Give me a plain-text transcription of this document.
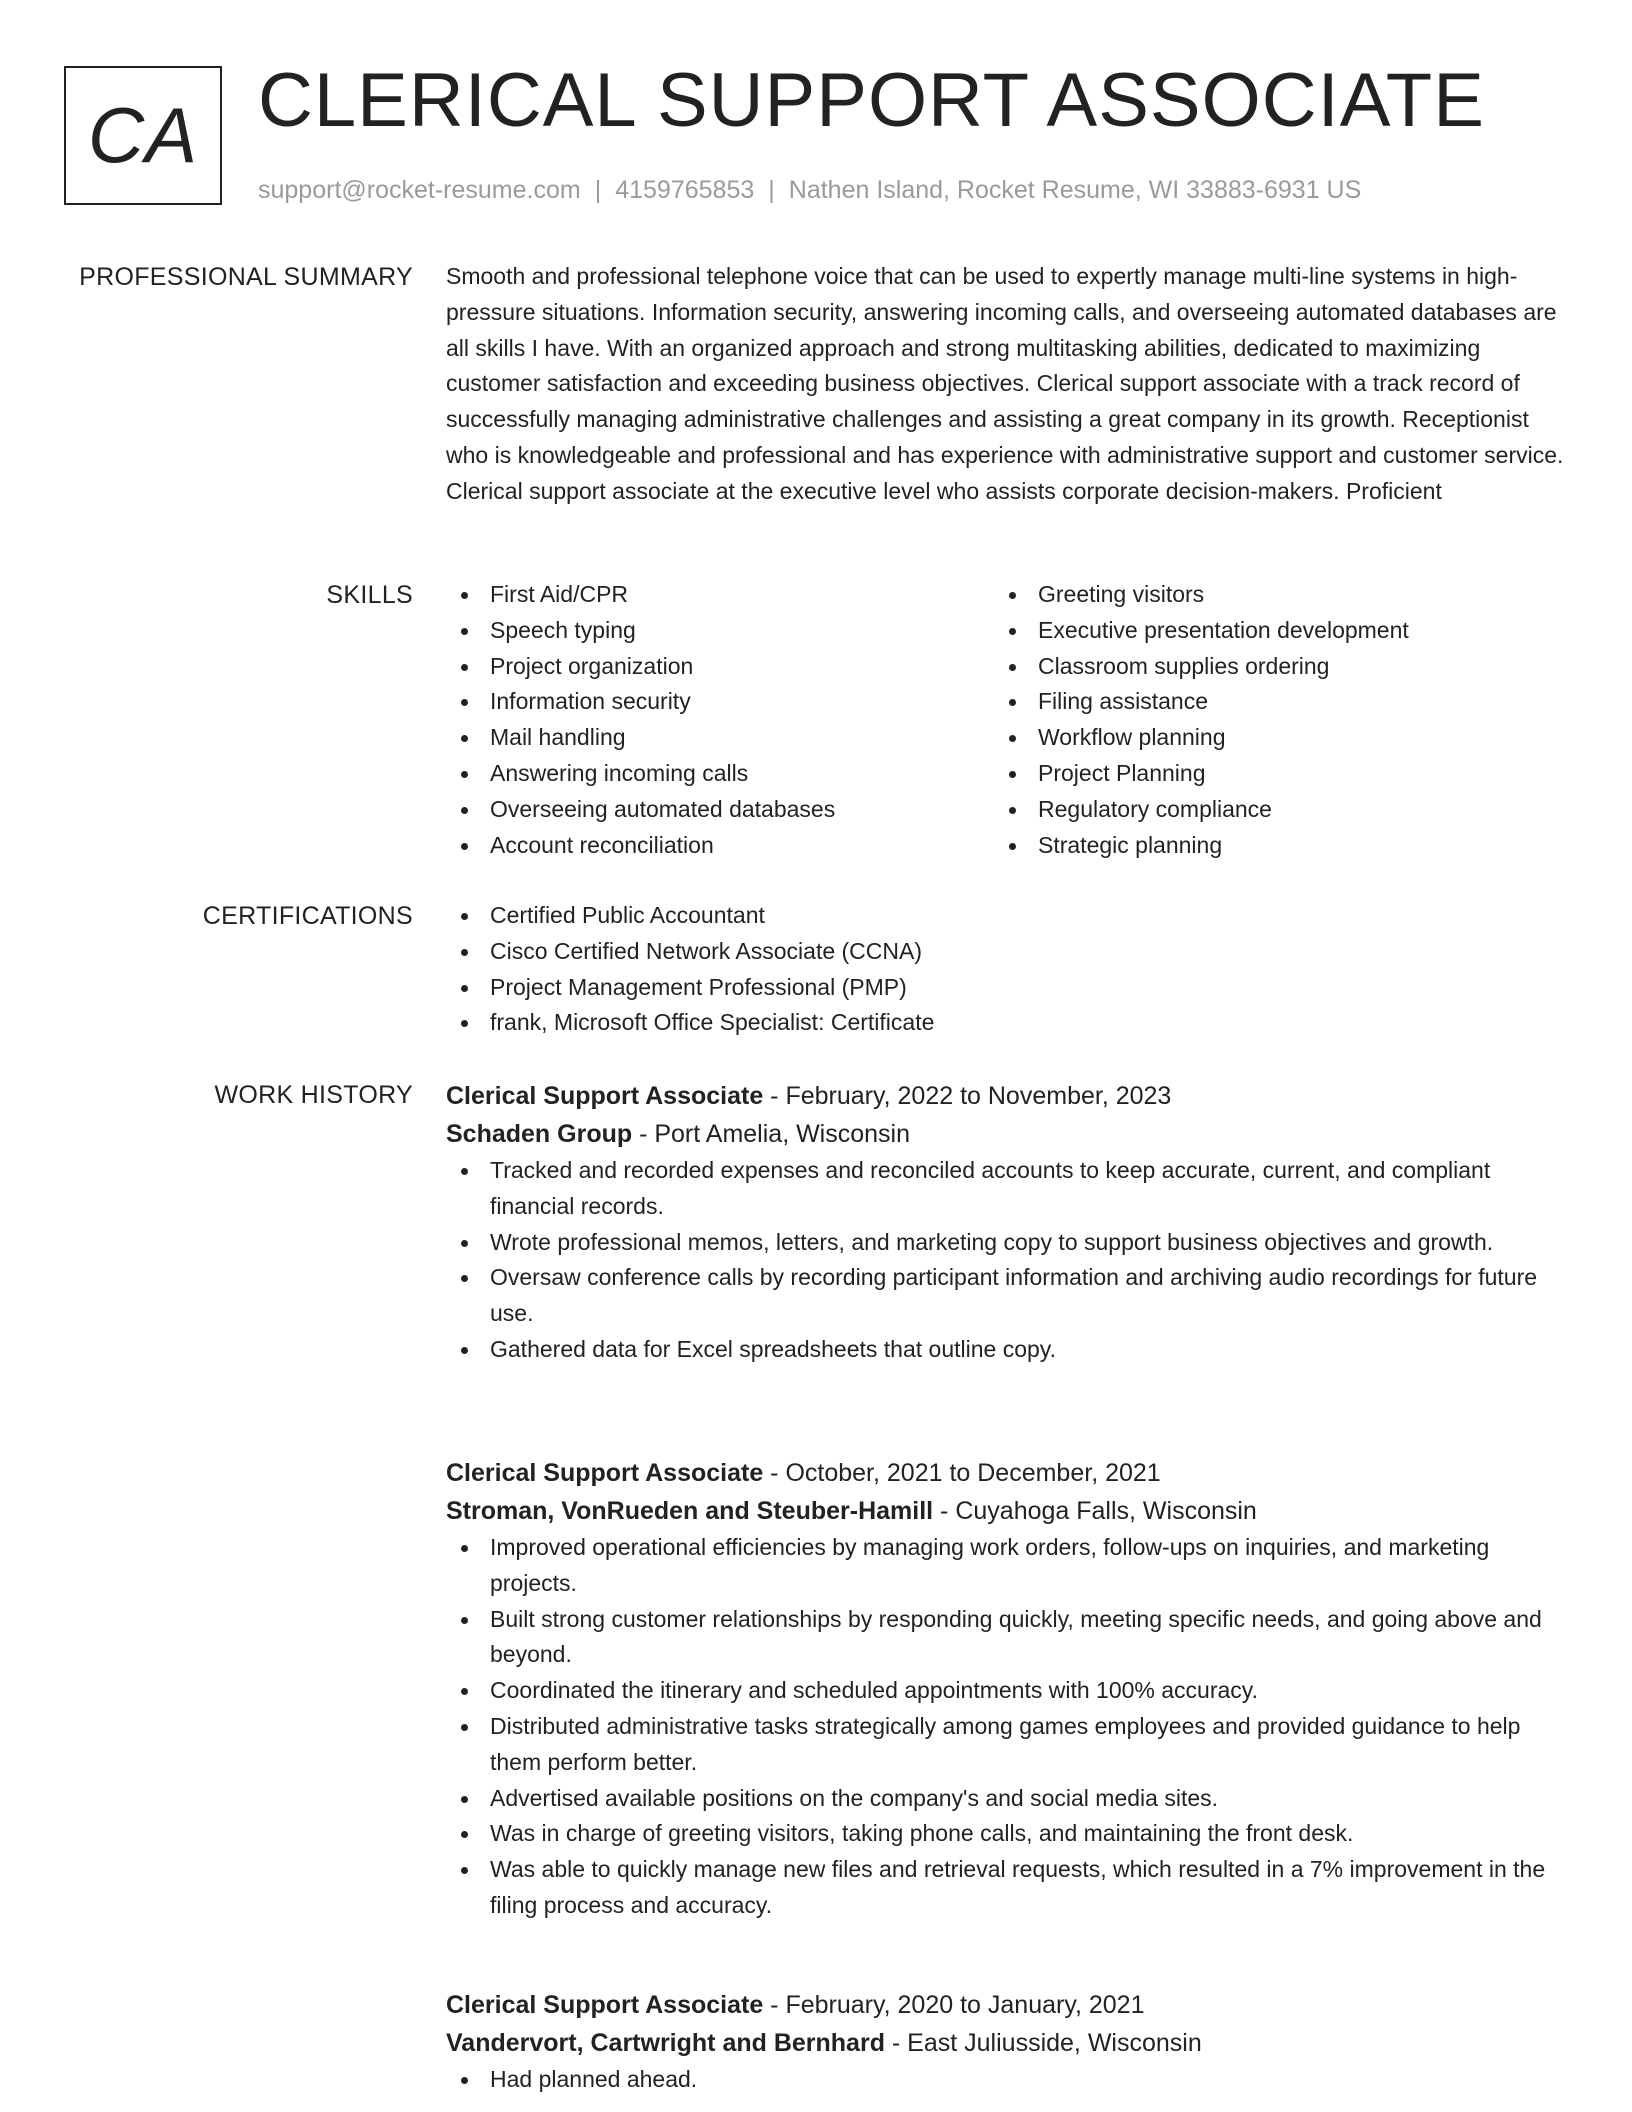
CA CLERICAL SUPPORT ASSOCIATE
support@rocket-resume.com | 4159765853 | Nathen Island, Rocket Resume, WI 33883-6931 US
PROFESSIONAL SUMMARY Smooth and professional telephone voice that can be used to expertly manage multi-line systems in high-pressure situations. Information security, answering incoming calls, and overseeing automated databases are all skills I have. With an organized approach and strong multitasking abilities, dedicated to maximizing customer satisfaction and exceeding business objectives. Clerical support associate with a track record of successfully managing administrative challenges and assisting a great company in its growth. Receptionist who is knowledgeable and professional and has experience with administrative support and customer service. Clerical support associate at the executive level who assists corporate decision-makers. Proficient

SKILLS	First Aid/CPR
Speech typing
Project organization
Information security
Mail handling
Answering incoming calls
Overseeing automated databases
Account reconciliation
Greeting visitors
Executive presentation development
Classroom supplies ordering
Filing assistance
Workflow planning
Project Planning
Regulatory compliance
Strategic planning
CERTIFICATIONS	Certified Public Accountant
Cisco Certified Network Associate (CCNA)
Project Management Professional (PMP)
frank, Microsoft Office Specialist: Certificate
WORK HISTORY Clerical Support Associate - February, 2022 to November, 2023
Schaden Group - Port Amelia, Wisconsin
Tracked and recorded expenses and reconciled accounts to keep accurate, current, and compliant financial records.
Wrote professional memos, letters, and marketing copy to support business objectives and growth.
Oversaw conference calls by recording participant information and archiving audio recordings for future use.
Gathered data for Excel spreadsheets that outline copy.
Clerical Support Associate - October, 2021 to December, 2021
Stroman, VonRueden and Steuber-Hamill - Cuyahoga Falls, Wisconsin
Improved operational efficiencies by managing work orders, follow-ups on inquiries, and marketing projects.
Built strong customer relationships by responding quickly, meeting specific needs, and going above and beyond.
Coordinated the itinerary and scheduled appointments with 100% accuracy.
Distributed administrative tasks strategically among games employees and provided guidance to help them perform better.
Advertised available positions on the company's and social media sites.
Was in charge of greeting visitors, taking phone calls, and maintaining the front desk.
Was able to quickly manage new files and retrieval requests, which resulted in a 7% improvement in the filing process and accuracy.
Clerical Support Associate - February, 2020 to January, 2021
Vandervort, Cartwright and Bernhard - East Juliusside, Wisconsin
Had planned ahead.
